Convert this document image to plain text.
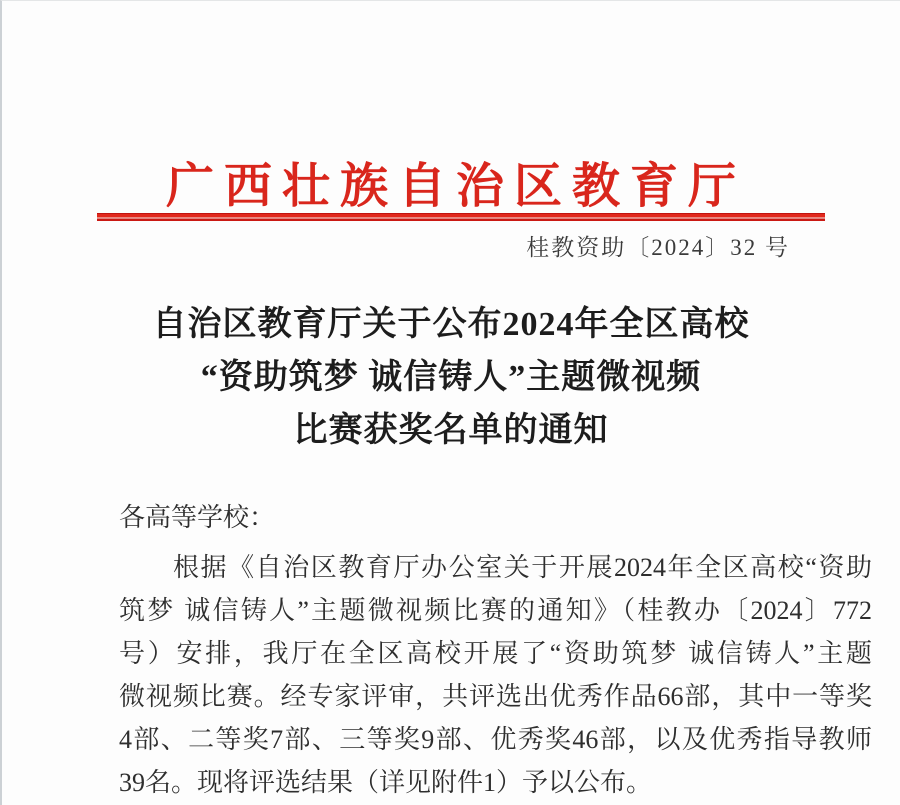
广西壮族自治区教育厅
桂教资助〔2024〕32 号
自治区教育厅关于公布2024年全区高校
“资助筑梦 诚信铸人”主题微视频
比赛获奖名单的通知
各高等学校：
根据《自治区教育厅办公室关于开展2024年全区高校“资助
筑梦 诚信铸人”主题微视频比赛的通知》（桂教办〔2024〕772
号）安排，我厅在全区高校开展了“资助筑梦 诚信铸人”主题
微视频比赛。经专家评审，共评选出优秀作品66部，其中一等奖
4部、二等奖7部、三等奖9部、优秀奖46部，以及优秀指导教师
39名。现将评选结果（详见附件1）予以公布。
